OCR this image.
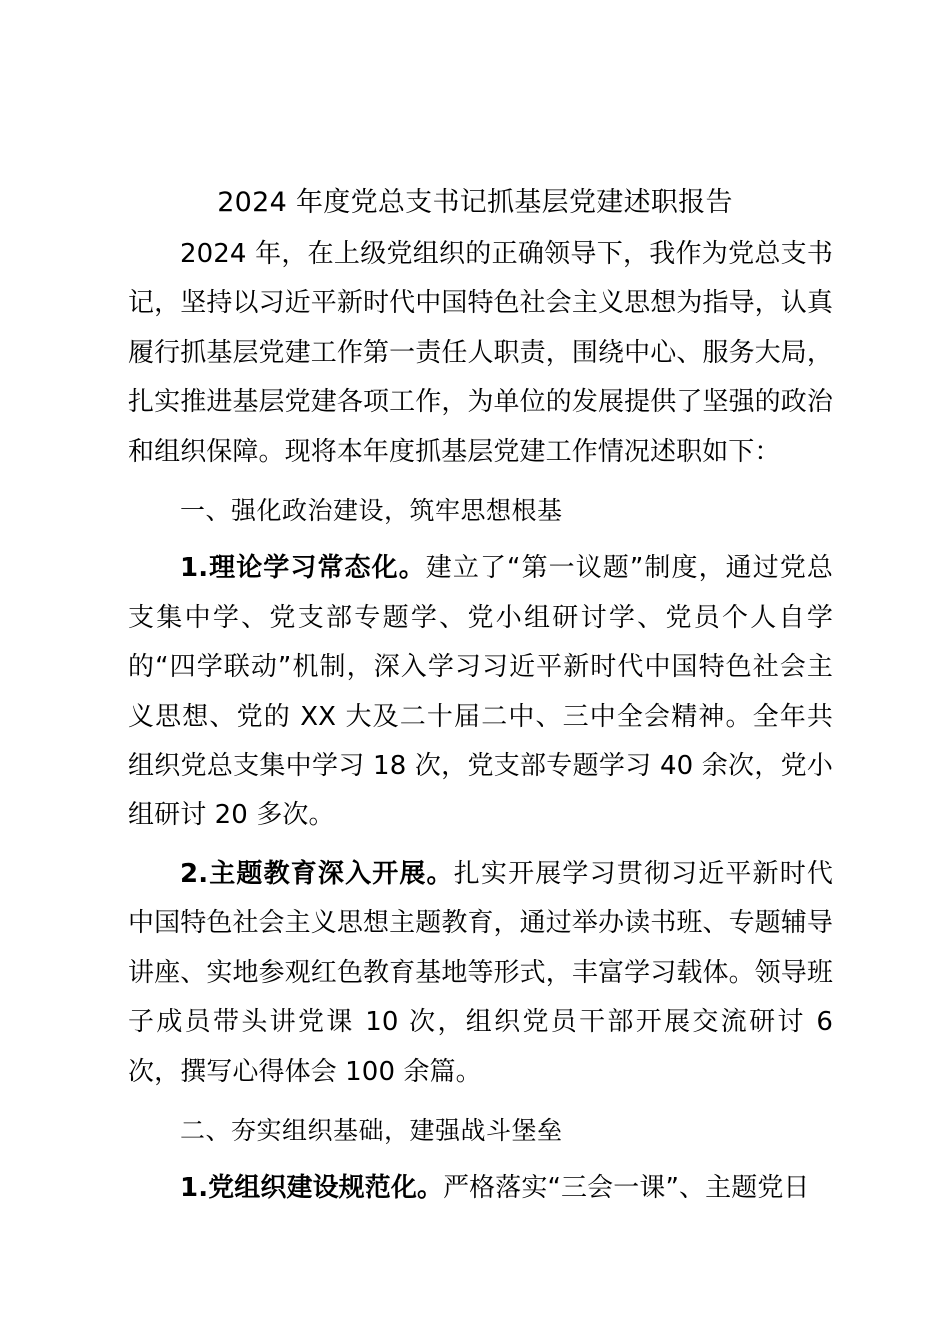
2024 年度党总支书记抓基层党建述职报告

2024 年，在上级党组织的正确领导下，我作为党总支书记，坚持以习近平新时代中国特色社会主义思想为指导，认真履行抓基层党建工作第一责任人职责，围绕中心、服务大局，扎实推进基层党建各项工作，为单位的发展提供了坚强的政治和组织保障。现将本年度抓基层党建工作情况述职如下：

一、强化政治建设，筑牢思想根基

1.理论学习常态化。建立了“第一议题”制度，通过党总支集中学、党支部专题学、党小组研讨学、党员个人自学的“四学联动”机制，深入学习习近平新时代中国特色社会主义思想、党的 XX 大及二十届二中、三中全会精神。全年共组织党总支集中学习 18 次，党支部专题学习 40 余次，党小组研讨 20 多次。

2.主题教育深入开展。扎实开展学习贯彻习近平新时代中国特色社会主义思想主题教育，通过举办读书班、专题辅导讲座、实地参观红色教育基地等形式，丰富学习载体。领导班子成员带头讲党课 10 次，组织党员干部开展交流研讨 6 次，撰写心得体会 100 余篇。

二、夯实组织基础，建强战斗堡垒

1.党组织建设规范化。严格落实“三会一课”、主题党日
